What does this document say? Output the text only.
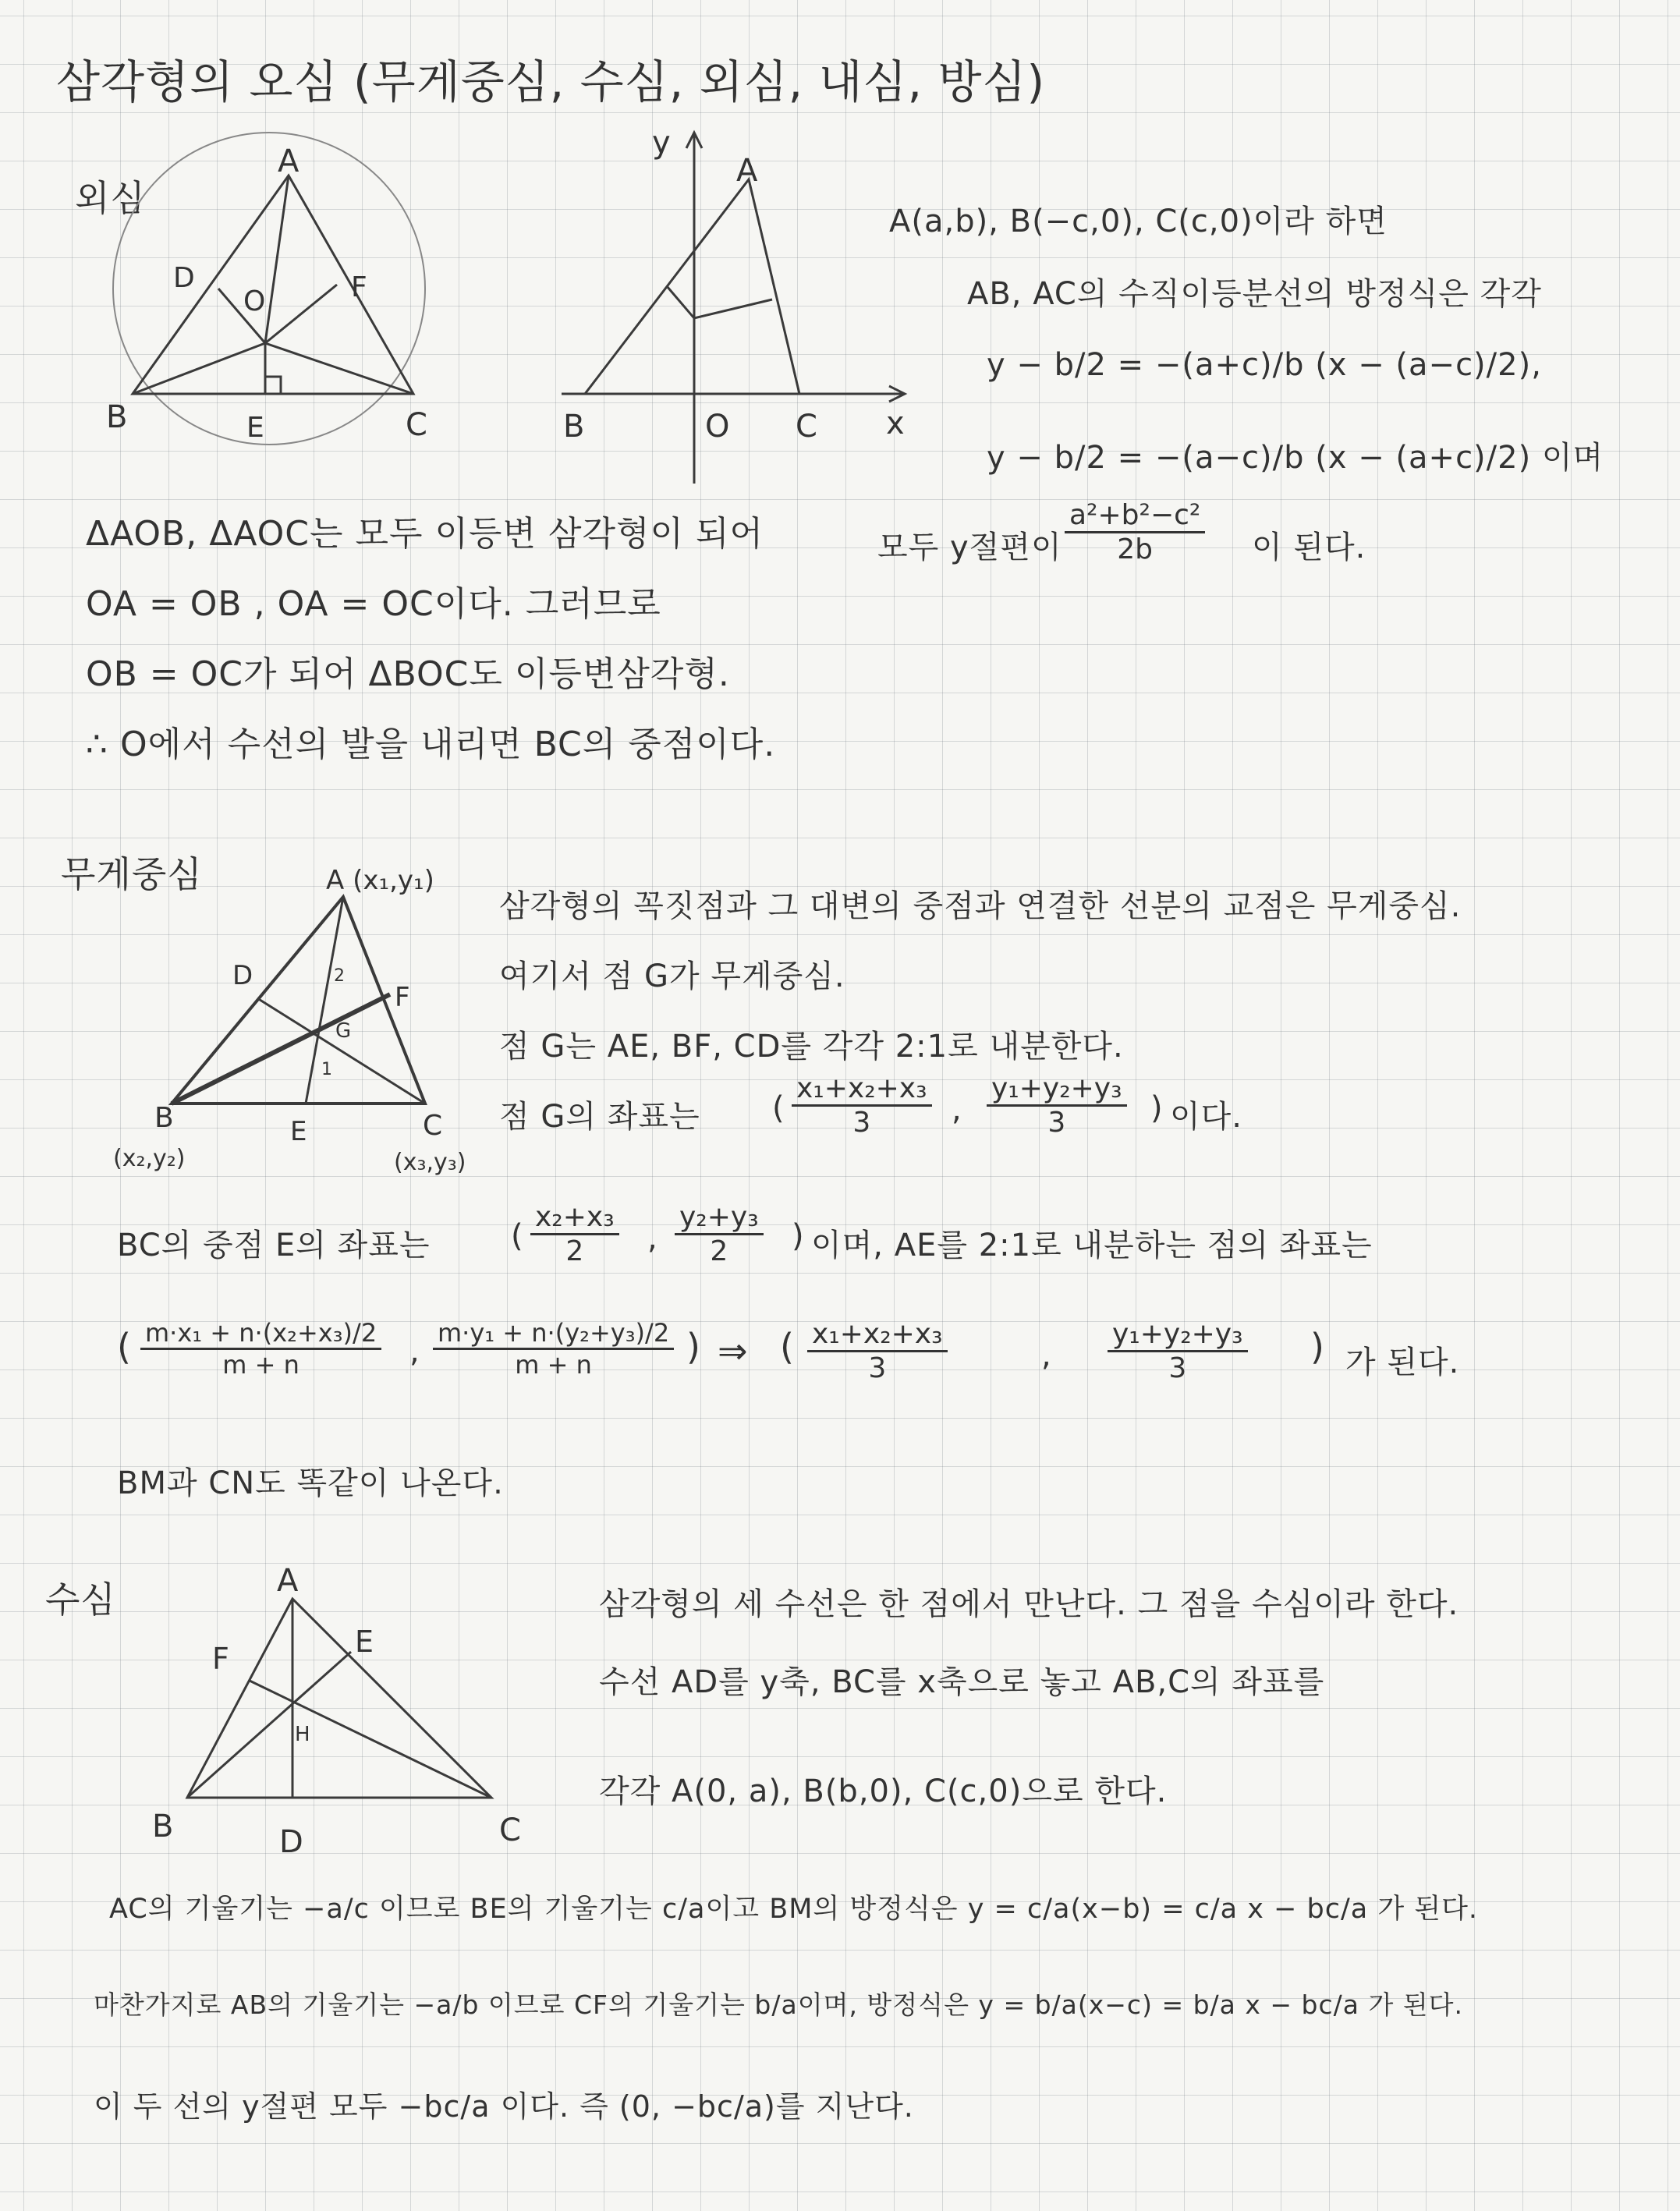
삼각형의 오심 (무게중심, 수심, 외심, 내심, 방심)
외심
A
B	C
D
E
F
O
A
B	C
O	x
y
A(a,b), B(−c,0), C(c,0)이라 하면
AB, AC의 수직이등분선의 방정식은 각각
y − b/2 = −(a+c)/b (x − (a−c)/2),
y − b/2 = −(a−c)/b (x − (a+c)/2) 이며
모두 y절편이 $\frac{\text{a²+b²−c²}}{2b}$ 이 된다.
ΔAOB, ΔAOC는 모두 이등변 삼각형이 되어
OA = OB , OA = OC이다. 그러므로
OB = OC가 되어 ΔBOC도 이등변삼각형.
∴ O에서 수선의 발을 내리면 BC의 중점이다.
무게중심	A (x₁,y₁)
B
(x₂,y₂)
C
(x₃,y₃)
D
E
F
G
2
1
삼각형의 꼭짓점과 그 대변의 중점과 연결한 선분의 교점은 무게중심.
여기서 점 G가 무게중심.
점 G는 AE, BF, CD를 각각 2:1로 내분한다.
점 G의 좌표는 ( $\frac{\text{x₁+x₂+x₃}}{3}$ , $\frac{\text{y₁+y₂+y₃}}{3}$ ) 이다.
BC의 중점 E의 좌표는	( $\frac{\text{x₂+x₃}}{2}$ , $\frac{\text{y₂+y₃}}{2}$ ) 이며, AE를 2:1로 내분하는 점의 좌표는
( $\frac{\text{m·x₁ + n·(x₂+x₃)/2}}{m + n}$ , $\frac{\text{m·y₁ + n·(y₂+y₃)/2}}{m + n}$ ) ⇒ ( $\frac{\text{x₁+x₂+x₃}}{3}$	, $\frac{\text{y₁+y₂+y₃}}{3}$ ) 가 된다.
BM과 CN도 똑같이 나온다.
수심	A
B	C
D
E
F
H
삼각형의 세 수선은 한 점에서 만난다. 그 점을 수심이라 한다.
수선 AD를 y축, BC를 x축으로 놓고 AB,C의 좌표를
각각 A(0, a), B(b,0), C(c,0)으로 한다.
AC의 기울기는 −a/c 이므로 BE의 기울기는 c/a이고 BM의 방정식은 y = c/a(x−b) = c/a x − bc/a 가 된다.
마찬가지로 AB의 기울기는 −a/b 이므로 CF의 기울기는 b/a이며, 방정식은 y = b/a(x−c) = b/a x − bc/a 가 된다.
이 두 선의 y절편 모두 −bc/a 이다. 즉 (0, −bc/a)를 지난다.
